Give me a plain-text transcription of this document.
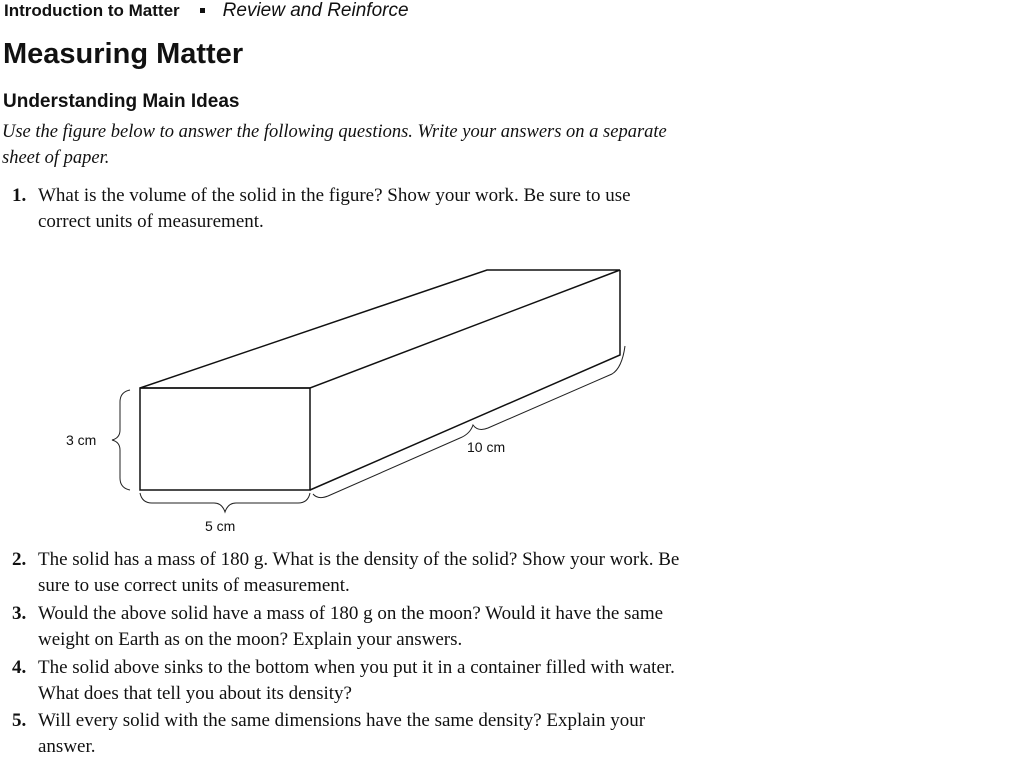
Introduction to Matter Review and Reinforce
Measuring Matter
Understanding Main Ideas
Use the figure below to answer the following questions. Write your answers on a separate sheet of paper.
1. What is the volume of the solid in the figure? Show your work. Be sure to use correct units of measurement.
3 cm
5 cm
10 cm
2. The solid has a mass of 180 g. What is the density of the solid? Show your work. Be sure to use correct units of measurement.
3. Would the above solid have a mass of 180 g on the moon? Would it have the same weight on Earth as on the moon? Explain your answers.
4. The solid above sinks to the bottom when you put it in a container filled with water. What does that tell you about its density?
5. Will every solid with the same dimensions have the same density? Explain your answer.
